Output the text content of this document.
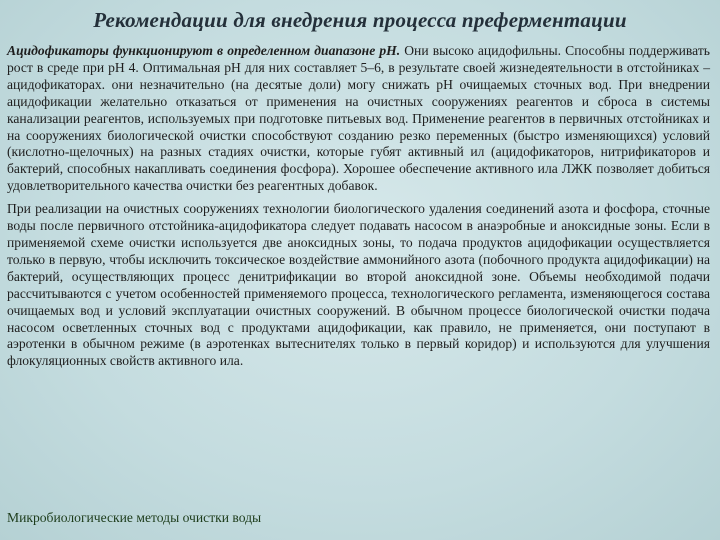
Рекомендации для внедрения процесса преферментации

Ацидофикаторы функционируют в определенном диапазоне рН. Они высоко ацидофильны. Способны поддерживать рост в среде при рН 4. Оптимальная рН для них составляет 5–6, в результате своей жизнедеятельности в отстойниках – ацидофикаторах. они незначительно (на десятые доли) могу снижать рН очищаемых сточных вод. При внедрении ацидофикации желательно отказаться от применения на очистных сооружениях реагентов и сброса в системы канализации реагентов, используемых при подготовке питьевых вод. Применение реагентов в первичных отстойниках и на сооружениях биологической очистки способствуют созданию резко переменных (быстро изменяющихся) условий (кислотно-щелочных) на разных стадиях очистки, которые губят активный ил (ацидофикаторов, нитрификаторов и бактерий, способных накапливать соединения фосфора). Хорошее обеспечение активного ила ЛЖК позволяет добиться удовлетворительного качества очистки без реагентных добавок.

При реализации на очистных сооружениях технологии биологического удаления соединений азота и фосфора, сточные воды после первичного отстойника-ацидофикатора следует подавать насосом в анаэробные и аноксидные зоны. Если в применяемой схеме очистки используется две аноксидных зоны, то подача продуктов ацидофикации осуществляется только в первую, чтобы исключить токсическое воздействие аммонийного азота (побочного продукта ацидофикации) на бактерий, осуществляющих процесс денитрификации во второй аноксидной зоне. Объемы необходимой подачи рассчитываются с учетом особенностей применяемого процесса, технологического регламента, изменяющегося состава очищаемых вод и условий эксплуатации очистных сооружений. В обычном процессе биологической очистки подача насосом осветленных сточных вод с продуктами ацидофикации, как правило, не применяется, они поступают в аэротенки в обычном режиме (в аэротенках вытеснителях только в первый коридор) и используются для улучшения флокуляционных свойств активного ила.

Микробиологические методы очистки воды
